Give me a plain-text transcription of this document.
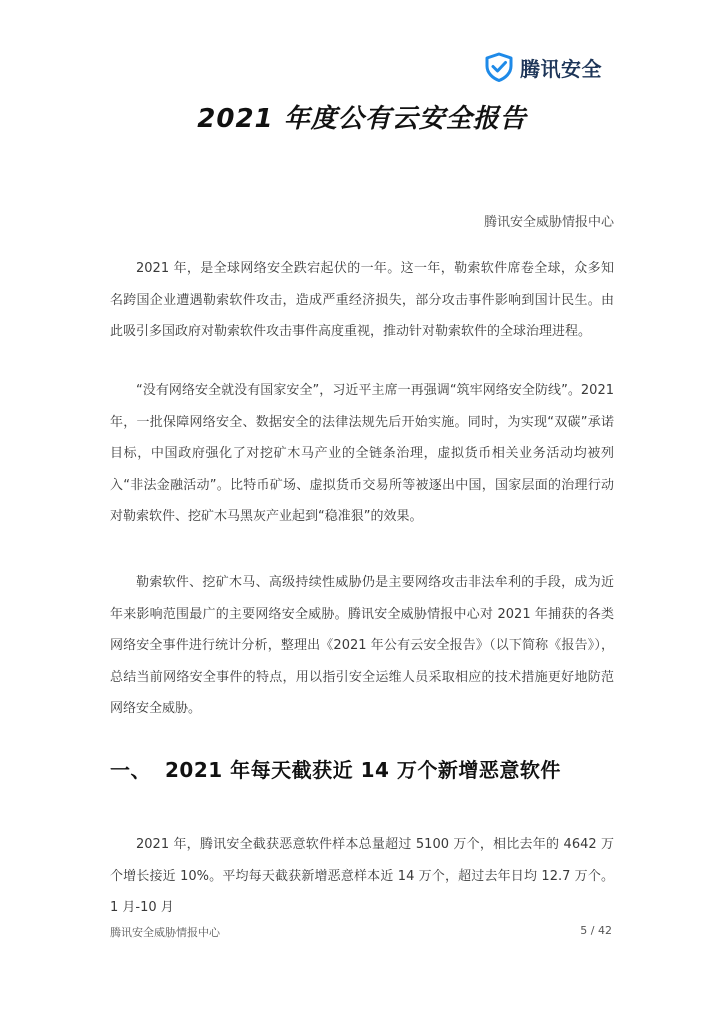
腾讯安全
2021 年度公有云安全报告
腾讯安全威胁情报中心

2021 年，是全球网络安全跌宕起伏的一年。这一年，勒索软件席卷全球，众多知名跨国企业遭遇勒索软件攻击，造成严重经济损失，部分攻击事件影响到国计民生。由此吸引多国政府对勒索软件攻击事件高度重视，推动针对勒索软件的全球治理进程。

“没有网络安全就没有国家安全”，习近平主席一再强调“筑牢网络安全防线”。2021 年，一批保障网络安全、数据安全的法律法规先后开始实施。同时，为实现“双碳”承诺目标，中国政府强化了对挖矿木马产业的全链条治理，虚拟货币相关业务活动均被列入“非法金融活动”。比特币矿场、虚拟货币交易所等被逐出中国，国家层面的治理行动对勒索软件、挖矿木马黑灰产业起到“稳准狠”的效果。

勒索软件、挖矿木马、高级持续性威胁仍是主要网络攻击非法牟利的手段，成为近年来影响范围最广的主要网络安全威胁。腾讯安全威胁情报中心对 2021 年捕获的各类网络安全事件进行统计分析，整理出《2021 年公有云安全报告》（以下简称《报告》），总结当前网络安全事件的特点，用以指引安全运维人员采取相应的技术措施更好地防范网络安全威胁。

一、 2021 年每天截获近 14 万个新增恶意软件

2021 年，腾讯安全截获恶意软件样本总量超过 5100 万个，相比去年的 4642 万个增长接近 10%。平均每天截获新增恶意样本近 14 万个，超过去年日均 12.7 万个。1 月-10 月

腾讯安全威胁情报中心	5 / 42
